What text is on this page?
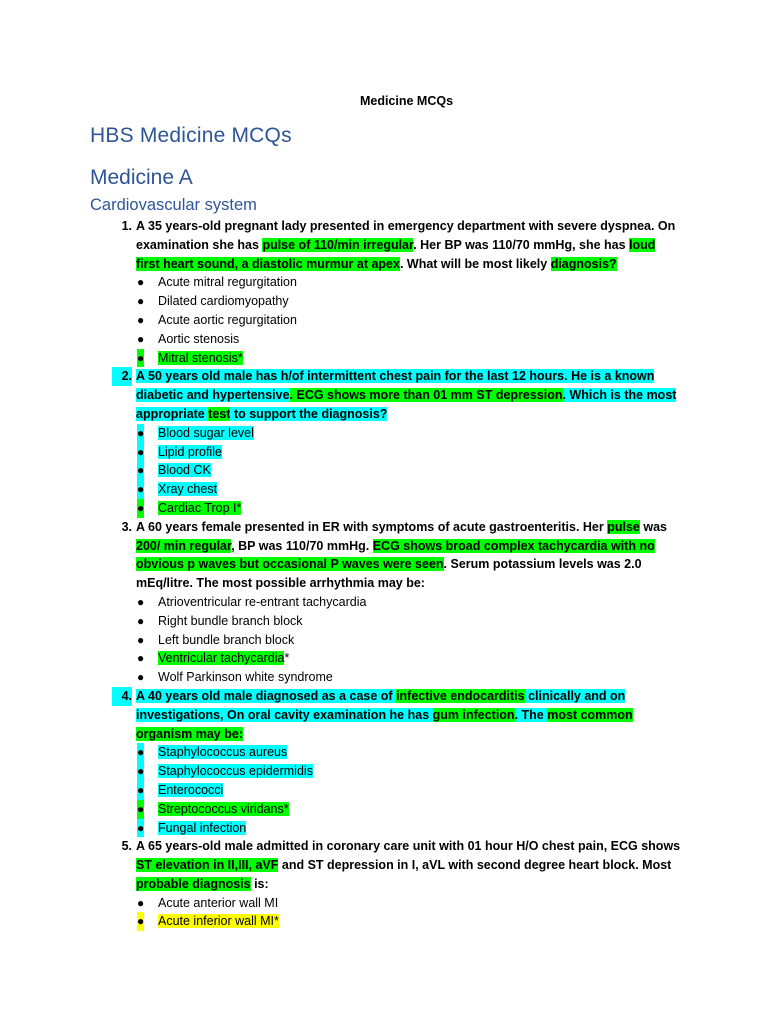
Medicine MCQs
HBS Medicine MCQs
Medicine A
Cardiovascular system
1. A 35 years-old pregnant lady presented in emergency department with severe dyspnea. On examination she has pulse of 110/min irregular. Her BP was 110/70 mmHg, she has loud first heart sound, a diastolic murmur at apex. What will be most likely diagnosis?
● Acute mitral regurgitation
● Dilated cardiomyopathy
● Acute aortic regurgitation
● Aortic stenosis
● Mitral stenosis*
2. A 50 years old male has h/of intermittent chest pain for the last 12 hours. He is a known diabetic and hypertensive. ECG shows more than 01 mm ST depression. Which is the most appropriate test to support the diagnosis?
● Blood sugar level
● Lipid profile
● Blood CK
● Xray chest
● Cardiac Trop I*
3. A 60 years female presented in ER with symptoms of acute gastroenteritis. Her pulse was 200/ min regular, BP was 110/70 mmHg. ECG shows broad complex tachycardia with no obvious p waves but occasional P waves were seen. Serum potassium levels was 2.0 mEq/litre. The most possible arrhythmia may be:
● Atrioventricular re-entrant tachycardia
● Right bundle branch block
● Left bundle branch block
● Ventricular tachycardia*
● Wolf Parkinson white syndrome
4. A 40 years old male diagnosed as a case of infective endocarditis clinically and on investigations, On oral cavity examination he has gum infection. The most common organism may be:
● Staphylococcus aureus
● Staphylococcus epidermidis
● Enterococci
● Streptococcus viridans*
● Fungal infection
5. A 65 years-old male admitted in coronary care unit with 01 hour H/O chest pain, ECG shows ST elevation in II,III, aVF and ST depression in I, aVL with second degree heart block. Most probable diagnosis is:
● Acute anterior wall MI
● Acute inferior wall MI*
